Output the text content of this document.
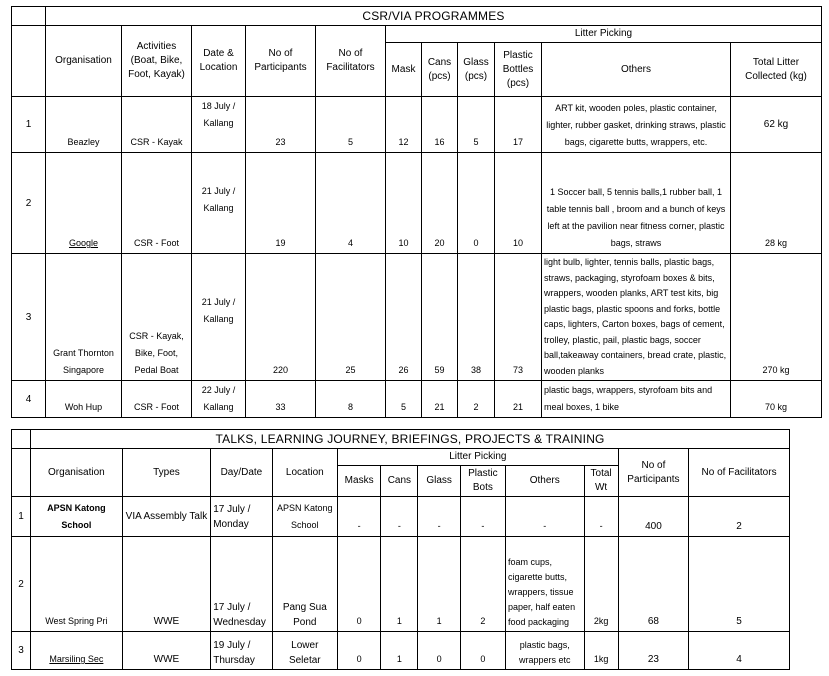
	CSR/VIA PROGRAMMES										
	Organisation	Activities (Boat, Bike, Foot, Kayak)	Date & Location	No of Participants	No of Facilitators	Litter Picking					
						Mask	Cans (pcs)	Glass (pcs)	Plastic Bottles (pcs)	Others	Total Litter Collected (kg)
1	Beazley	CSR - Kayak	18 July / Kallang	23	5	12	16	5	17	ART kit, wooden poles, plastic container, lighter, rubber gasket, drinking straws, plastic bags, cigarette butts, wrappers, etc.	62 kg
2	Google	CSR - Foot	21 July / Kallang	19	4	10	20	0	10	1 Soccer ball, 5 tennis balls,1 rubber ball, 1 table tennis ball , broom and a bunch of keys left at the pavilion near fitness corner, plastic bags, straws	28 kg
3	Grant Thornton Singapore	CSR - Kayak, Bike, Foot, Pedal Boat	21 July / Kallang	220	25	26	59	38	73	light bulb, lighter, tennis balls, plastic bags, straws, packaging, styrofoam boxes & bits, wrappers, wooden planks, ART test kits, big plastic bags, plastic spoons and forks, bottle caps, lighters, Carton boxes, bags of cement, trolley, plastic, pail, plastic bags, soccer ball,takeaway containers, bread crate, plastic, wooden planks	270 kg
4	Woh Hup	CSR - Foot	22 July / Kallang	33	8	5	21	2	21	plastic bags, wrappers, styrofoam bits and meal boxes, 1 bike	70 kg
	TALKS, LEARNING JOURNEY, BRIEFINGS, PROJECTS & TRAINING											
	Organisation	Types	Day/Date	Location	Litter Picking						No of Participants	No of Facilitators
					Masks	Cans	Glass	Plastic Bots	Others	Total Wt		
1	APSN Katong School	VIA Assembly Talk	17 July / Monday	APSN Katong School	-	-	-	-	-	-	400	2
2	West Spring Pri	WWE	17 July / Wednesday	Pang Sua Pond	0	1	1	2	foam cups, cigarette butts, wrappers, tissue paper, half eaten food packaging	2kg	68	5
3	Marsiling Sec	WWE	19 July / Thursday	Lower Seletar	0	1	0	0	plastic bags, wrappers etc	1kg	23	4
